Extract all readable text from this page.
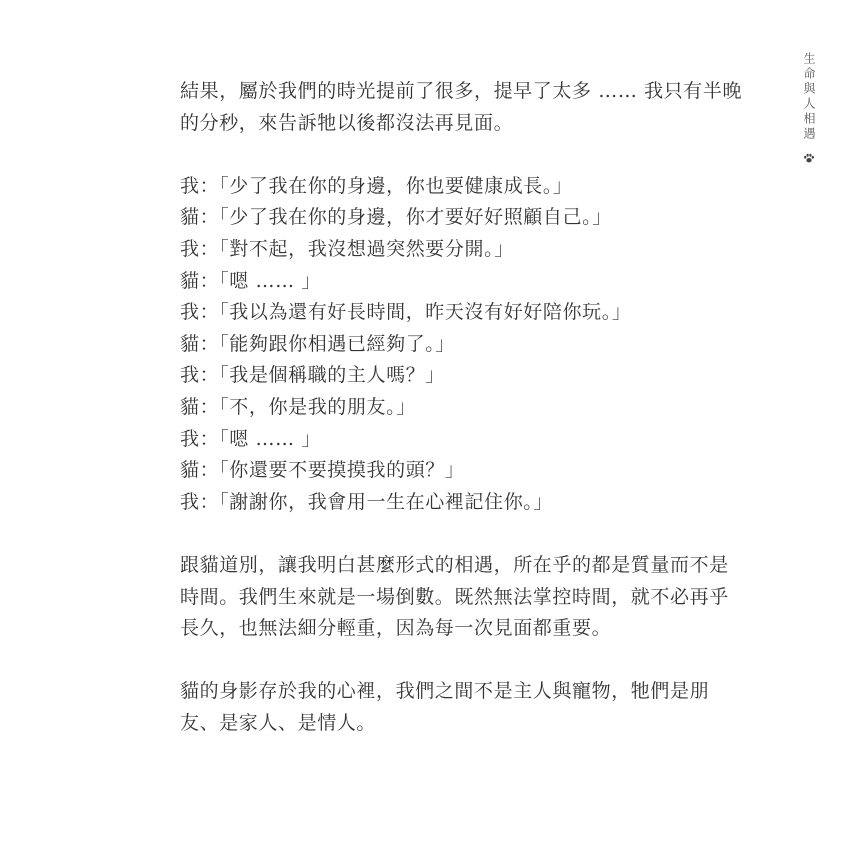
生命與人相遇

結果，屬於我們的時光提前了很多，提早了太多 …… 我只有半晚的分秒，來告訴牠以後都沒法再見面。

我：「少了我在你的身邊，你也要健康成長。」
貓：「少了我在你的身邊，你才要好好照顧自己。」
我：「對不起，我沒想過突然要分開。」
貓：「嗯 …… 」
我：「我以為還有好長時間，昨天沒有好好陪你玩。」
貓：「能夠跟你相遇已經夠了。」
我：「我是個稱職的主人嗎？」
貓：「不，你是我的朋友。」
我：「嗯 …… 」
貓：「你還要不要摸摸我的頭？」
我：「謝謝你，我會用一生在心裡記住你。」

跟貓道別，讓我明白甚麼形式的相遇，所在乎的都是質量而不是時間。我們生來就是一場倒數。既然無法掌控時間，就不必再乎長久，也無法細分輕重，因為每一次見面都重要。

貓的身影存於我的心裡，我們之間不是主人與寵物，牠們是朋友、是家人、是情人。
